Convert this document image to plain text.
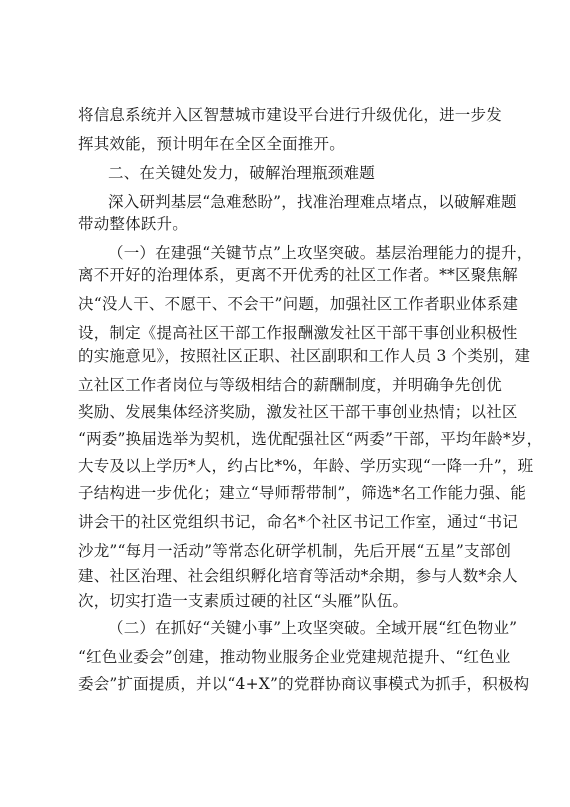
将信息系统并入区智慧城市建设平台进行升级优化，进一步发
挥其效能，预计明年在全区全面推开。
二、在关键处发力，破解治理瓶颈难题
深入研判基层“急难愁盼”，找准治理难点堵点，以破解难题
带动整体跃升。
（一）在建强“关键节点”上攻坚突破。基层治理能力的提升，
离不开好的治理体系，更离不开优秀的社区工作者。**区聚焦解
决“没人干、不愿干、不会干”问题，加强社区工作者职业体系建
设，制定《提高社区干部工作报酬激发社区干部干事创业积极性
的实施意见》，按照社区正职、社区副职和工作人员 3 个类别，建
立社区工作者岗位与等级相结合的薪酬制度，并明确争先创优
奖励、发展集体经济奖励，激发社区干部干事创业热情；以社区
“两委”换届选举为契机，选优配强社区“两委”干部，平均年龄*岁，
大专及以上学历*人，约占比*%，年龄、学历实现“一降一升”，班
子结构进一步优化；建立“导师帮带制”，筛选*名工作能力强、能
讲会干的社区党组织书记，命名*个社区书记工作室，通过“书记
沙龙”“每月一活动”等常态化研学机制，先后开展“五星”支部创
建、社区治理、社会组织孵化培育等活动*余期，参与人数*余人
次，切实打造一支素质过硬的社区“头雁”队伍。
（二）在抓好“关键小事”上攻坚突破。全域开展“红色物业”
“红色业委会”创建，推动物业服务企业党建规范提升、“红色业
委会”扩面提质，并以“4+X”的党群协商议事模式为抓手，积极构
